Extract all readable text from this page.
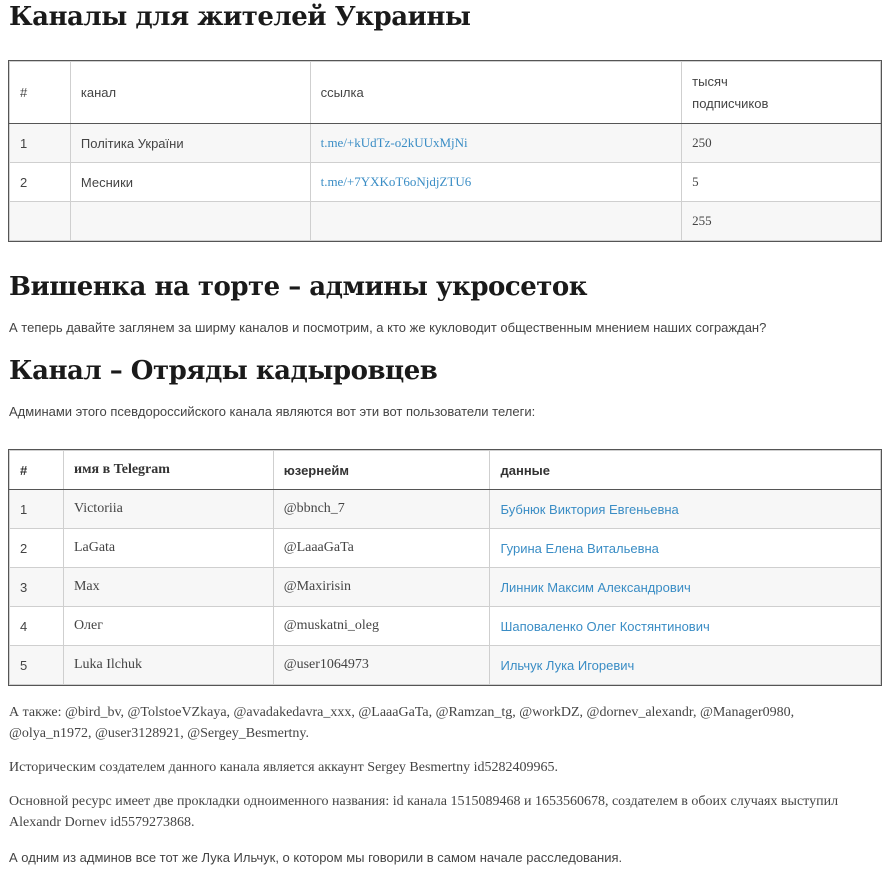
Каналы для жителей Украины
#	канал	ссылка	тысяч
подписчиков
1	Політика України	t.me/+kUdTz-o2kUUxMjNi	250
2	Месники	t.me/+7YXKoT6oNjdjZTU6	5
			255
Вишенка на торте – админы укросеток

А теперь давайте заглянем за ширму каналов и посмотрим, а кто же кукловодит общественным мнением наших сограждан?

Канал – Отряды кадыровцев

Админами этого псевдороссийского канала являются вот эти вот пользователи телеги:

#	имя в Telegram	юзернейм	данные
1	Victoriia	@bbnch_7	Бубнюк Виктория Евгеньевна
2	LaGata	@LaaaGaTa	Гурина Елена Витальевна
3	Max	@Maxirisin	Линник Максим Александрович
4	Олег	@muskatni_oleg	Шаповаленко Олег Костянтинович
5	Luka Ilchuk	@user1064973	Ильчук Лука Игоревич

А также: @bird_bv, @TolstoeVZkaya, @avadakedavra_xxx, @LaaaGaTa, @Ramzan_tg, @workDZ, @dornev_alexandr, @Manager0980, @olya_n1972, @user3128921, @Sergey_Besmertny.

Историческим создателем данного канала является аккаунт Sergey Besmertny id5282409965.

Основной ресурс имеет две прокладки одноименного названия: id канала 1515089468 и 1653560678, создателем в обоих случаях выступил Alexandr Dornev id5579273868.

А одним из админов все тот же Лука Ильчук, о котором мы говорили в самом начале расследования.
